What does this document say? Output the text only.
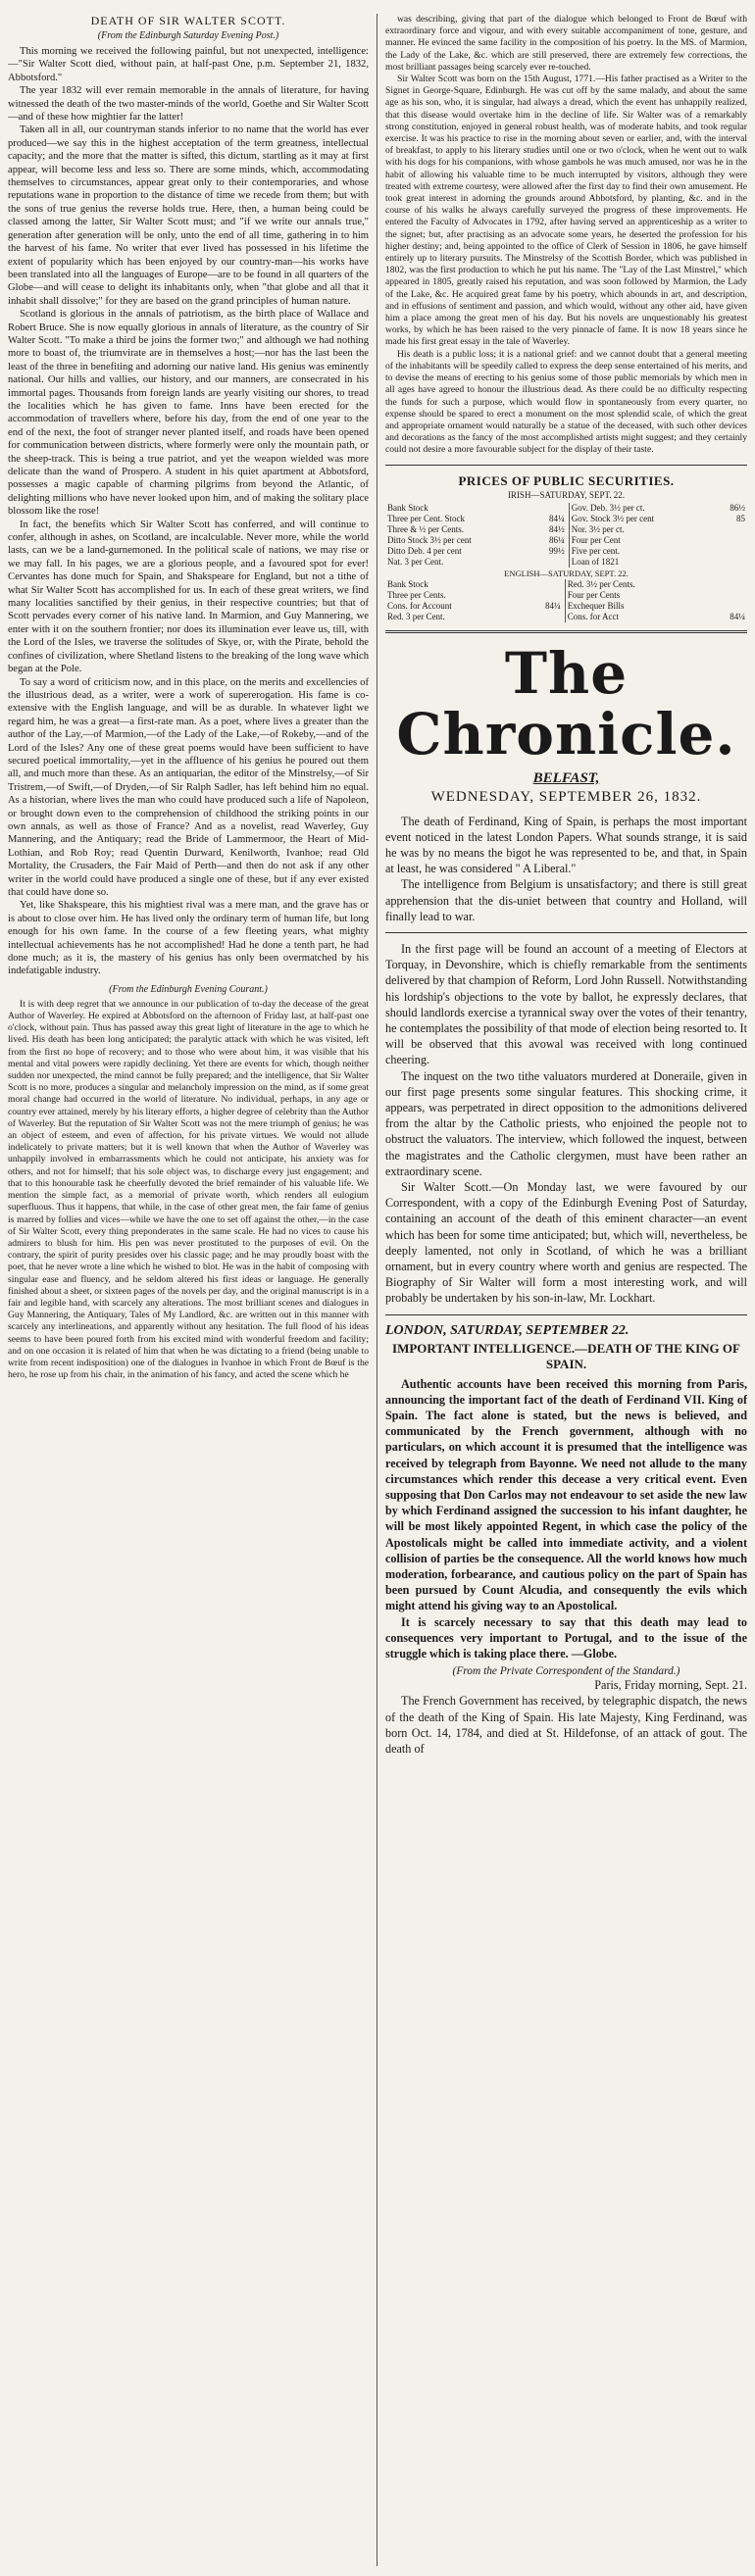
DEATH OF SIR WALTER SCOTT.
(From the Edinburgh Saturday Evening Post.)

This morning we received the following painful, but not unexpected, intelligence:—"Sir Walter Scott died, without pain, at half-past One, p.m. September 21, 1832, Abbotsford."

The year 1832 will ever remain memorable in the annals of literature, for having witnessed the death of the two master-minds of the world, Goethe and Sir Walter Scott—and of these how mightier far the latter!

Taken all in all, our countryman stands inferior to no name that the world has ever produced—we say this in the highest acceptation of the term greatness, intellectual capacity; and the more that the matter is sifted, this dictum, startling as it may at first appear, will become less and less so. There are some minds, which, accommodating themselves to circumstances, appear great only to their contemporaries, and whose reputations wane in proportion to the distance of time we recede from them; but with the sons of true genius the reverse holds true. Here, then, a human being could be classed among the latter, Sir Walter Scott must; and "if we write our annals true," generation after generation will be only, unto the end of all time, gathering in to him the harvest of his fame. No writer that ever lived has possessed in his lifetime the extent of popularity which has been enjoyed by our country-man—his works have been translated into all the languages of Europe—are to be found in all quarters of the Globe—and will cease to delight its inhabitants only, when "that globe and all that it inhabit shall dissolve;" for they are based on the grand principles of human nature.

Scotland is glorious in the annals of patriotism, as the birth place of Wallace and Robert Bruce. She is now equally glorious in annals of literature, as the country of Sir Walter Scott. "To make a third be joins the former two;" and although we had nothing more to boast of, the triumvirate are in themselves a host;—nor has the last been the least of the three in benefiting and adorning our native land. His genius was eminently national. Our hills and vallies, our history, and our manners, are consecrated in his immortal pages. Thousands from foreign lands are yearly visiting our shores, to tread the localities which he has given to fame. Inns have been erected for the accommodation of travellers where, before his day, from the end of one year to the end of the next, the foot of stranger never planted itself, and roads have been opened for communication between districts, where formerly were only the mountain path, or the sheep-track. This is being a true patriot, and yet the weapon wielded was more delicate than the wand of Prospero. A student in his quiet apartment at Abbotsford, possesses a magic capable of charming pilgrims from beyond the Atlantic, of delighting millions who have never looked upon him, and of making the solitary place blossom like the rose!

In fact, the benefits which Sir Walter Scott has conferred, and will continue to confer, although in ashes, on Scotland, are incalculable. Never more, while the world lasts, can we be a land-gurnemoned. In the political scale of nations, we may rise or we may fall. In his pages, we are a glorious people, and a favoured spot for ever! Cervantes has done much for Spain, and Shakspeare for England, but not a tithe of what Sir Walter Scott has accomplished for us. In each of these great writers, we find many localities sanctified by their genius, in their respective countries; but that of Scott pervades every corner of his native land. In Marmion, and Guy Mannering, we enter with it on the southern frontier; nor does its illumination ever leave us, till, with the Lord of the Isles, we traverse the solitudes of Skye, or, with the Pirate, behold the confines of civilization, where Shetland listens to the breaking of the long wave which began at the Pole.

To say a word of criticism now, and in this place, on the merits and excellencies of the illustrious dead, as a writer, were a work of supererogation. His fame is co-extensive with the English language, and will be as durable. In whatever light we regard him, he was a great—a first-rate man. As a poet, where lives a greater than the author of the Lay,—of Marmion,—of the Lady of the Lake,—of Rokeby,—and of the Lord of the Isles? Any one of these great poems would have been sufficient to have secured poetical immortality,—yet in the affluence of his genius he poured out them all, and much more than these. As an antiquarian, the editor of the Minstrelsy,—of Sir Tristrem,—of Swift,—of Dryden,—of Sir Ralph Sadler, has left behind him no equal. As a historian, where lives the man who could have produced such a life of Napoleon, or brought down even to the comprehension of childhood the striking points in our own annals, as well as those of France? And as a novelist, read Waverley, Guy Mannering, and the Antiquary; read the Bride of Lammermoor, the Heart of Mid-Lothian, and Rob Roy; read Quentin Durward, Kenilworth, Ivanhoe; read Old Mortality, the Crusaders, the Fair Maid of Perth—and then do not ask if any other writer in the world could have produced a single one of these, but if any ever existed that could have done so.

Yet, like Shakspeare, this his mightiest rival was a mere man, and the grave has or is about to close over him. He has lived only the ordinary term of human life, but long enough for his own fame. In the course of a few fleeting years, what mighty intellectual achievements has he not accomplished! Had he done a tenth part, he had done much; as it is, the mastery of his genius has only been overmatched by his indefatigable industry.

(From the Edinburgh Evening Courant.)

It is with deep regret that we announce in our publication of to-day the decease of the great Author of Waverley. He expired at Abbotsford on the afternoon of Friday last, at half-past one o'clock, without pain. Thus has passed away this great light of literature in the age to which he lived. His death has been long anticipated; the paralytic attack with which he was visited, left from the first no hope of recovery; and to those who were about him, it was visible that his mental and vital powers were rapidly declining. Yet there are events for which, though neither sudden nor unexpected, the mind cannot be fully prepared; and the intelligence, that Sir Walter Scott is no more, produces a singular and melancholy impression on the mind, as if some great moral change had occurred in the world of literature. No individual, perhaps, in any age or country ever attained, merely by his literary efforts, a higher degree of celebrity than the Author of Waverley. But the reputation of Sir Walter Scott was not the mere triumph of genius; he was an object of esteem, and even of affection, for his private virtues. We would not allude indelicately to private matters; but it is well known that when the Author of Waverley was unhappily involved in embarrassments which he could not anticipate, his anxiety was for others, and not for himself; that his sole object was, to discharge every just engagement; and that to this honourable task he cheerfully devoted the brief remainder of his valuable life. We mention the simple fact, as a memorial of private worth, which renders all eulogium superfluous. Thus it happens, that while, in the case of other great men, the fair fame of genius is marred by follies and vices—while we have the one to set off against the other,—in the case of Sir Walter Scott, every thing preponderates in the same scale. He had no vices to cause his admirers to blush for him. His pen was never prostituted to the purposes of evil. On the contrary, the spirit of purity presides over his classic page; and he may proudly boast with the poet, that he never wrote a line which he wished to blot. He was in the habit of composing with singular ease and fluency, and he seldom altered his first ideas or language. He generally finished about a sheet, or sixteen pages of the novels per day, and the original manuscript is in a fair and legible hand, with scarcely any alterations. The most brilliant scenes and dialogues in Guy Mannering, the Antiquary, Tales of My Landlord, &c. are written out in this manner with scarcely any interlineations, and apparently without any hesitation. The full flood of his ideas seems to have been poured forth from his excited mind with wonderful freedom and facility; and on one occasion it is related of him that when he was dictating to a friend (being unable to write from recent indisposition) one of the dialogues in Ivanhoe in which Front de Bœuf is the hero, he rose up from his chair, in the animation of his fancy, and acted the scene which he

was describing, giving that part of the dialogue which belonged to Front de Bœuf with extraordinary force and vigour, and with every suitable accompaniment of tone, gesture, and manner. He evinced the same facility in the composition of his poetry. In the MS. of Marmion, the Lady of the Lake, &c. which are still preserved, there are extremely few corrections, the most brilliant passages being scarcely ever re-touched.

Sir Walter Scott was born on the 15th August, 1771.—His father practised as a Writer to the Signet in George-Square, Edinburgh. He was cut off by the same malady, and about the same age as his son, who, it is singular, had always a dread, which the event has unhappily realized, that this disease would overtake him in the decline of life. Sir Walter was of a remarkably strong constitution, enjoyed in general robust health, was of moderate habits, and took regular exercise. It was his practice to rise in the morning about seven or earlier, and, with the interval of breakfast, to apply to his literary studies until one or two o'clock, when he went out to walk with his dogs for his companions, with whose gambols he was much amused, nor was he in the habit of allowing his valuable time to be much interrupted by visitors, although they were treated with extreme courtesy, were allowed after the first day to find their own amusement. He took great interest in adorning the grounds around Abbotsford, by planting, &c. and in the course of his walks he always carefully surveyed the progress of these improvements. He entered the Faculty of Advocates in 1792, after having served an apprenticeship as a writer to the signet; but, after practising as an advocate some years, he deserted the profession for his higher destiny; and, being appointed to the office of Clerk of Session in 1806, he gave himself entirely up to literary pursuits. The Minstrelsy of the Scottish Border, which was published in 1802, was the first production to which he put his name. The "Lay of the Last Minstrel," which appeared in 1805, greatly raised his reputation, and was soon followed by Marmion, the Lady of the Lake, &c. He acquired great fame by his poetry, which abounds in art, and description, and in effusions of sentiment and passion, and which would, without any other aid, have given him a place among the great men of his day. But his novels are unquestionably his greatest works, by which he has been raised to the very pinnacle of fame. It is now 18 years since he made his first great essay in the tale of Waverley.

His death is a public loss; it is a national grief: and we cannot doubt that a general meeting of the inhabitants will be speedily called to express the deep sense entertained of his merits, and to devise the means of erecting to his genius some of those public memorials by which men in all ages have agreed to honour the illustrious dead. As there could be no difficulty respecting the funds for such a purpose, which would flow in spontaneously from every quarter, no expense should be spared to erect a monument on the most splendid scale, of which the great and appropriate ornament would naturally be a statue of the deceased, with such other devices and decorations as the fancy of the most accomplished artists might suggest; and they certainly could not desire a more favourable subject for the display of their taste.

PRICES OF PUBLIC SECURITIES.
IRISH—SATURDAY, SEPT. 22.
Bank Stock		Gov. Deb. 3½ per ct.	86½
Three per Cent. Stock	84¼	Gov. Stock 3½ per cent	85
Three & ½ per Cents.	84½	Nor. 3½ per ct.	
Ditto Stock 3½ per cent	86¼	Four per Cent	
Ditto Deb. 4 per cent	99½	Five per cent.	
Nat. 3 per Cent.		Loan of 1821	
ENGLISH—SATURDAY, SEPT. 22.
Bank Stock		Red. 3½ per Cents.	
Three per Cents.		Four per Cents	
Cons. for Account	84¼	Exchequer Bills	
Red. 3 per Cent.		Cons. for Acct	84¼
The Chronicle.
BELFAST,
WEDNESDAY, SEPTEMBER 26, 1832.

The death of Ferdinand, King of Spain, is perhaps the most important event noticed in the latest London Papers. What sounds strange, it is said he was by no means the bigot he was represented to be, and that, in Spain at least, he was considered " A Liberal."

The intelligence from Belgium is unsatisfactory; and there is still great apprehension that the dis-uniet between that country and Holland, will finally lead to war.

In the first page will be found an account of a meeting of Electors at Torquay, in Devonshire, which is chiefly remarkable from the sentiments delivered by that champion of Reform, Lord John Russell. Notwithstanding his lordship's objections to the vote by ballot, he expressly declares, that should landlords exercise a tyrannical sway over the votes of their tenantry, he contemplates the possibility of that mode of election being resorted to. It will be observed that this avowal was received with long continued cheering.

The inquest on the two tithe valuators murdered at Doneraile, given in our first page presents some singular features. This shocking crime, it appears, was perpetrated in direct opposition to the admonitions delivered from the altar by the Catholic priests, who enjoined the people not to obstruct the valuators. The interview, which followed the inquest, between the magistrates and the Catholic clergymen, must have been rather an extraordinary scene.

Sir Walter Scott.—On Monday last, we were favoured by our Correspondent, with a copy of the Edinburgh Evening Post of Saturday, containing an account of the death of this eminent character—an event which has been for some time anticipated; but, which will, nevertheless, be deeply lamented, not only in Scotland, of which he was a brilliant ornament, but in every country where worth and genius are respected. The Biography of Sir Walter will form a most interesting work, and will probably be undertaken by his son-in-law, Mr. Lockhart.

LONDON, SATURDAY, SEPTEMBER 22.
IMPORTANT INTELLIGENCE.—DEATH OF THE KING OF SPAIN.

Authentic accounts have been received this morning from Paris, announcing the important fact of the death of Ferdinand VII. King of Spain. The fact alone is stated, but the news is believed, and communicated by the French government, although with no particulars, on which account it is presumed that the intelligence was received by telegraph from Bayonne. We need not allude to the many circumstances which render this decease a very critical event. Even supposing that Don Carlos may not endeavour to set aside the new law by which Ferdinand assigned the succession to his infant daughter, he will be most likely appointed Regent, in which case the policy of the Apostolicals might be called into immediate activity, and a violent collision of parties be the consequence. All the world knows how much moderation, forbearance, and cautious policy on the part of Spain has been pursued by Count Alcudia, and consequently the evils which might attend his giving way to an Apostolical.

It is scarcely necessary to say that this death may lead to consequences very important to Portugal, and to the issue of the struggle which is taking place there. —Globe.

(From the Private Correspondent of the Standard.)

Paris, Friday morning, Sept. 21.

The French Government has received, by telegraphic dispatch, the news of the death of the King of Spain. His late Majesty, King Ferdinand, was born Oct. 14, 1784, and died at St. Hildefonse, of an attack of gout. The death of
